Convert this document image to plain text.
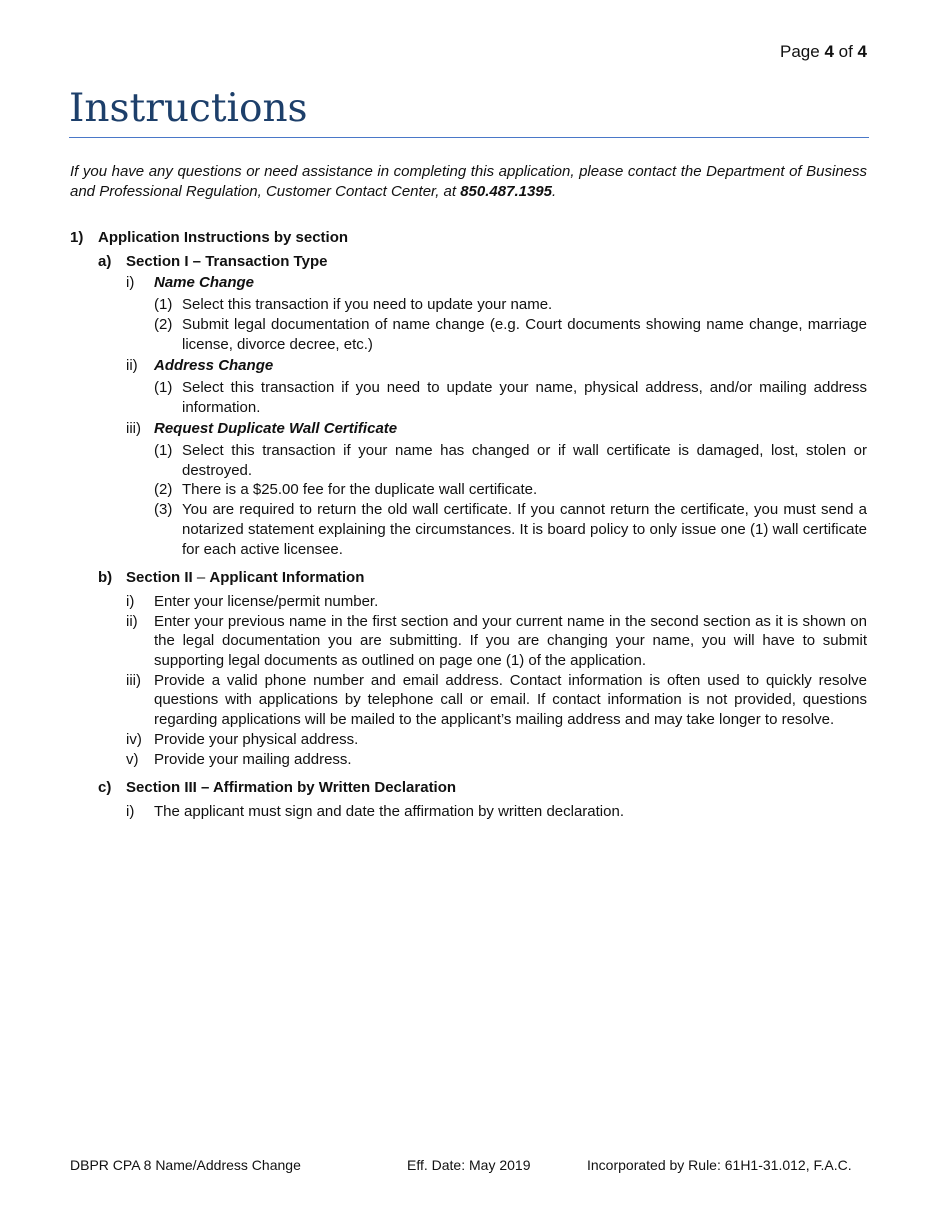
Page 4 of 4
Instructions

If you have any questions or need assistance in completing this application, please contact the Department of Business and Professional Regulation, Customer Contact Center, at 850.487.1395.

1) Application Instructions by section
a) Section I – Transaction Type
i) Name Change
(1) Select this transaction if you need to update your name.
(2) Submit legal documentation of name change (e.g. Court documents showing name change, marriage license, divorce decree, etc.)
ii) Address Change
(1) Select this transaction if you need to update your name, physical address, and/or mailing address information.
iii) Request Duplicate Wall Certificate
(1) Select this transaction if your name has changed or if wall certificate is damaged, lost, stolen or destroyed.
(2) There is a $25.00 fee for the duplicate wall certificate.
(3) You are required to return the old wall certificate. If you cannot return the certificate, you must send a notarized statement explaining the circumstances. It is board policy to only issue one (1) wall certificate for each active licensee.
b) Section II – Applicant Information
i) Enter your license/permit number.
ii) Enter your previous name in the first section and your current name in the second section as it is shown on the legal documentation you are submitting. If you are changing your name, you will have to submit supporting legal documents as outlined on page one (1) of the application.
iii) Provide a valid phone number and email address. Contact information is often used to quickly resolve questions with applications by telephone call or email. If contact information is not provided, questions regarding applications will be mailed to the applicant’s mailing address and may take longer to resolve.
iv) Provide your physical address.
v) Provide your mailing address.
c) Section III – Affirmation by Written Declaration
i) The applicant must sign and date the affirmation by written declaration.
DBPR CPA 8 Name/Address Change	Eff. Date: May 2019	Incorporated by Rule: 61H1-31.012, F.A.C.
